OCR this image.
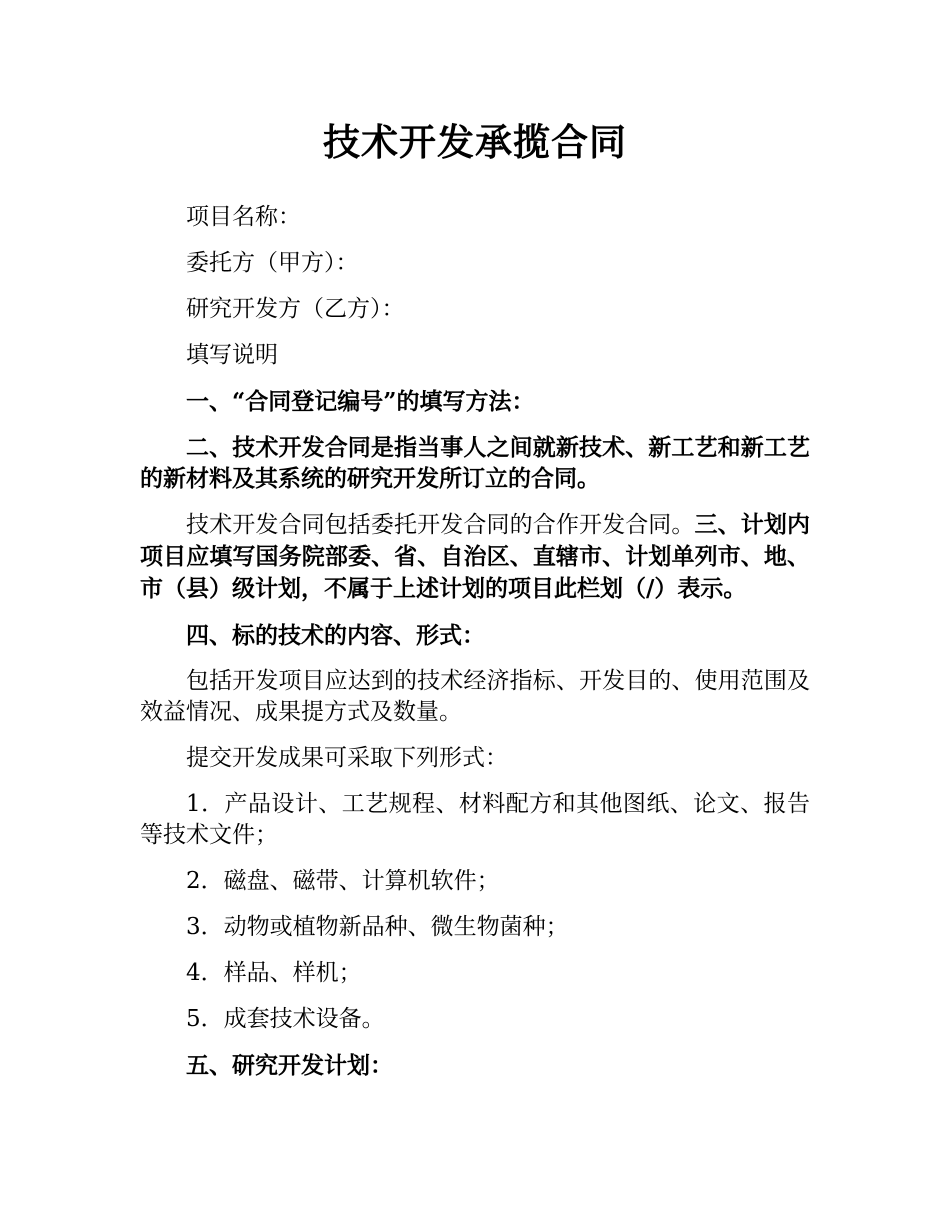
技术开发承揽合同

项目名称：

委托方（甲方）：

研究开发方（乙方）：

填写说明

一、“合同登记编号”的填写方法：

二、技术开发合同是指当事人之间就新技术、新工艺和新工艺的新材料及其系统的研究开发所订立的合同。

技术开发合同包括委托开发合同的合作开发合同。三、计划内项目应填写国务院部委、省、自治区、直辖市、计划单列市、地、市（县）级计划，不属于上述计划的项目此栏划（/）表示。

四、标的技术的内容、形式：

包括开发项目应达到的技术经济指标、开发目的、使用范围及效益情况、成果提方式及数量。

提交开发成果可采取下列形式：

1．产品设计、工艺规程、材料配方和其他图纸、论文、报告等技术文件；

2．磁盘、磁带、计算机软件；

3．动物或植物新品种、微生物菌种；

4．样品、样机；

5．成套技术设备。

五、研究开发计划：
